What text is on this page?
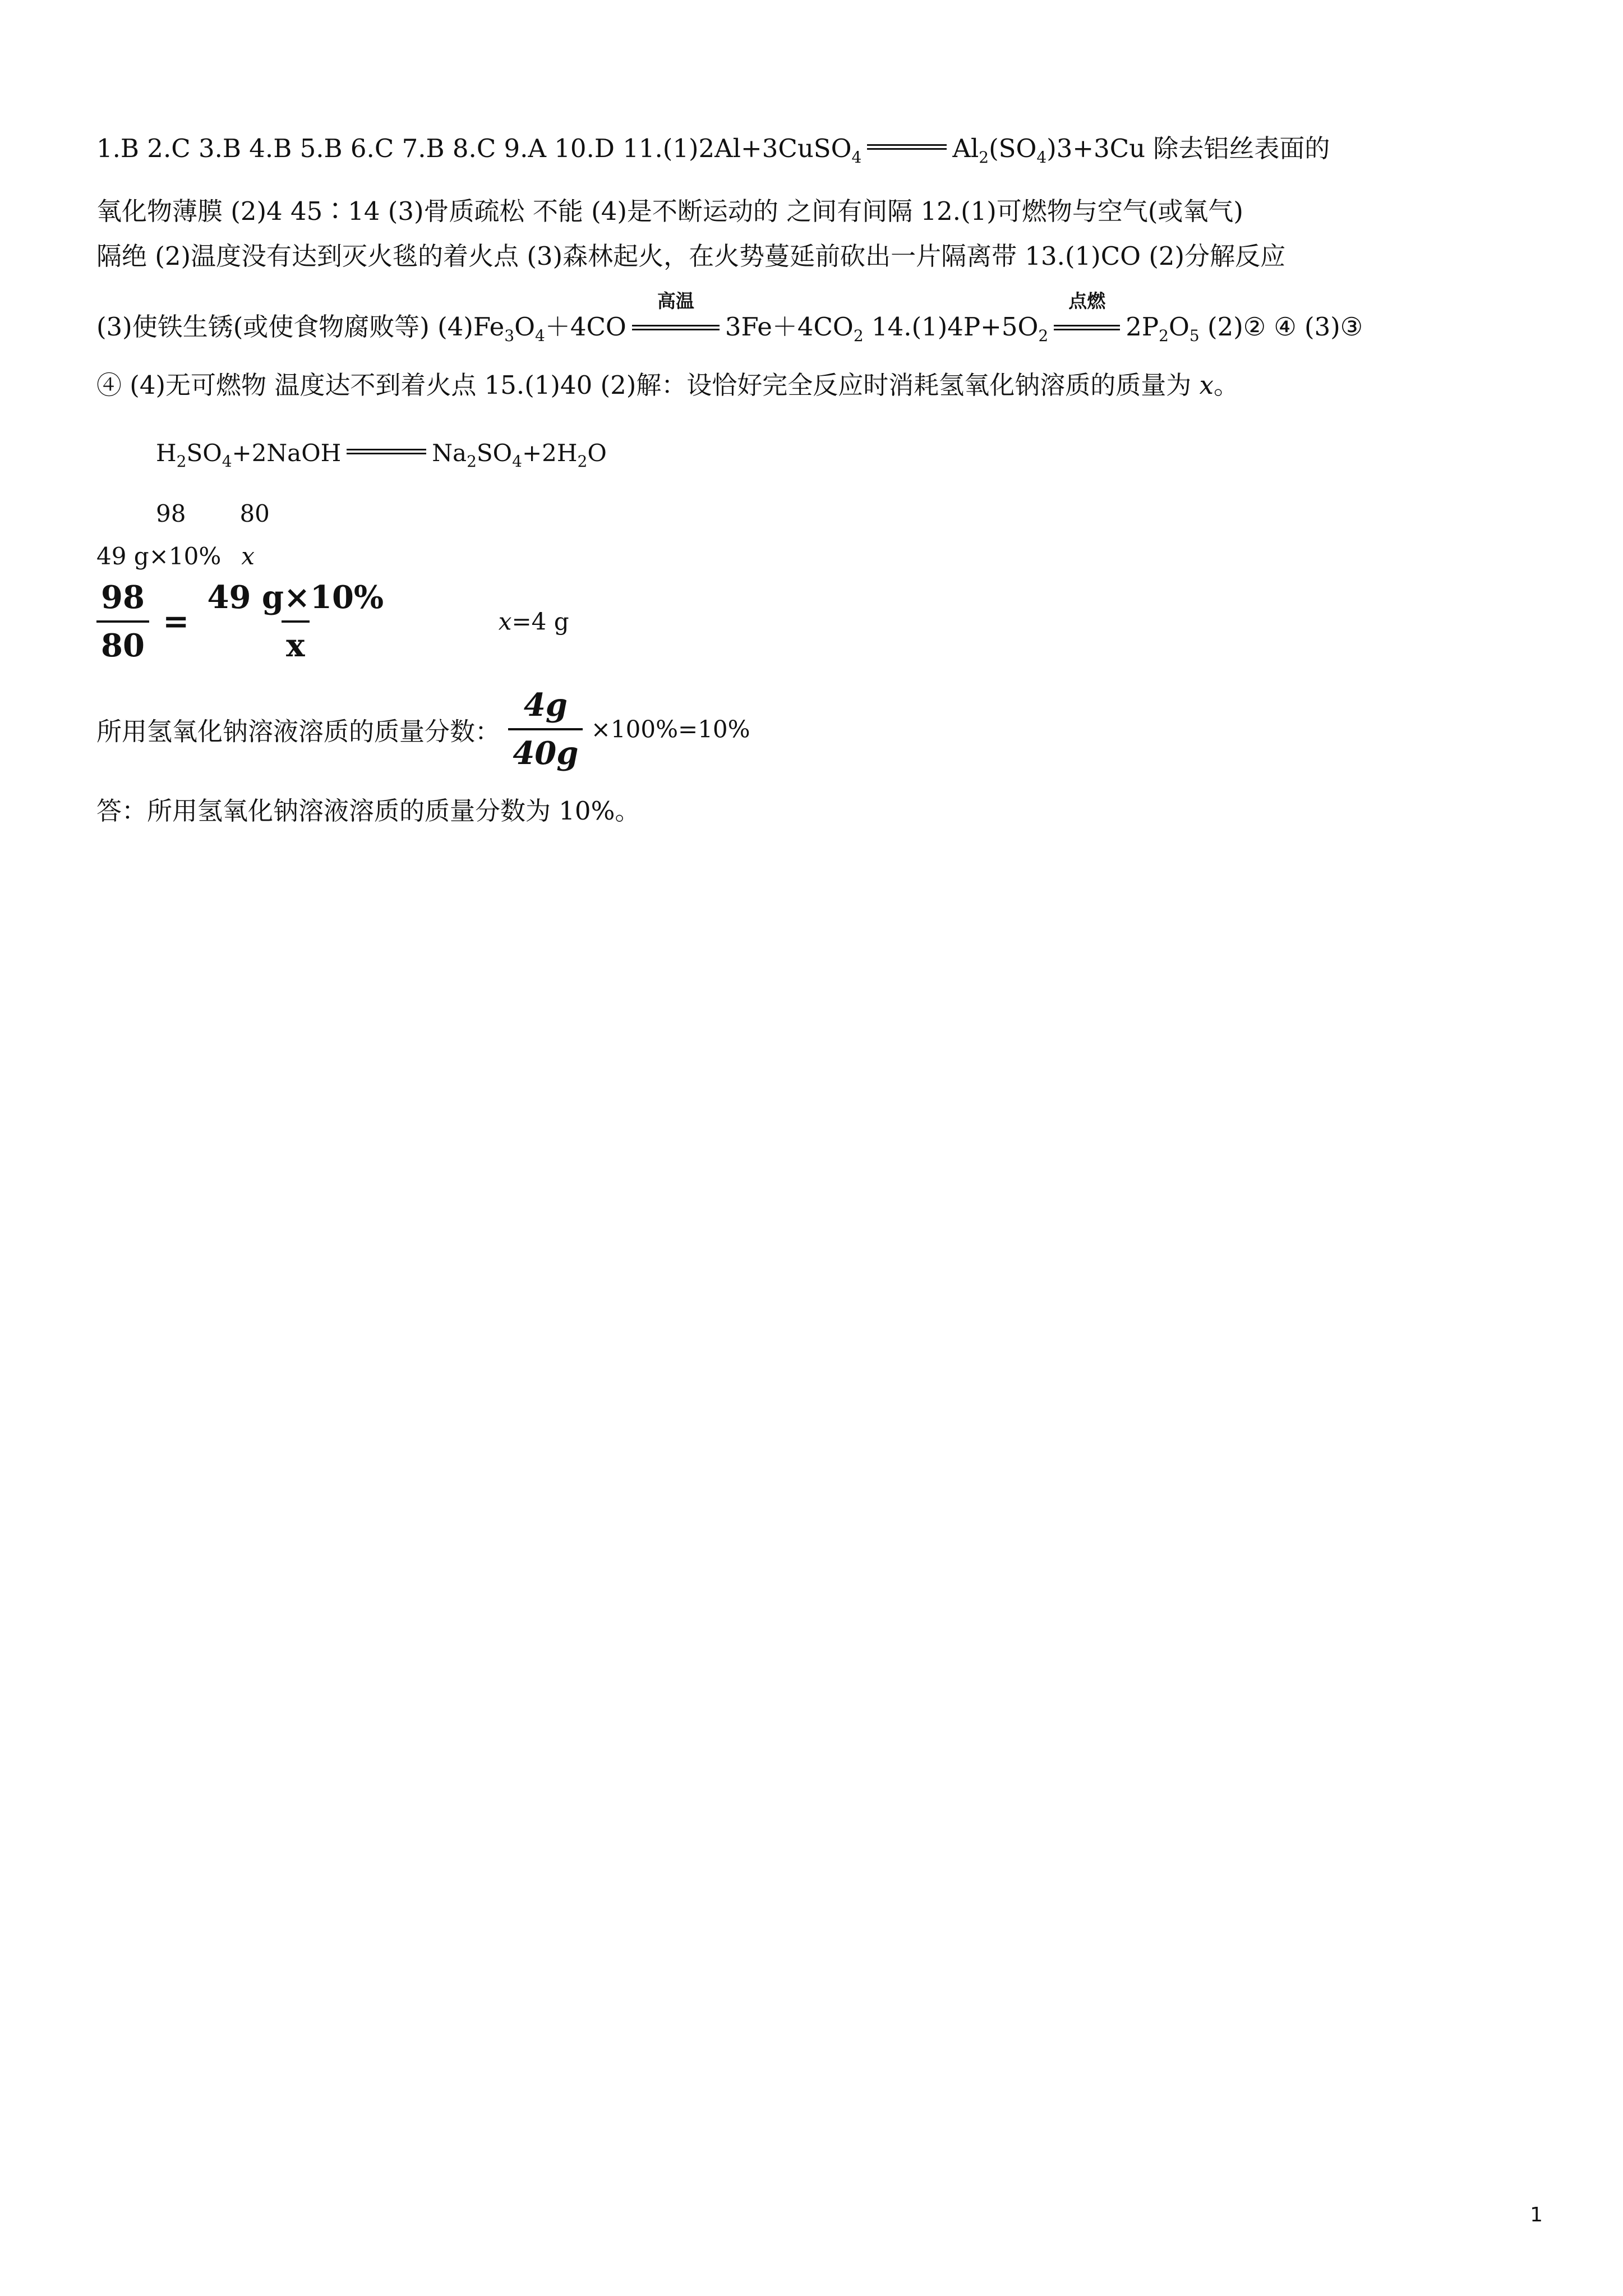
1.B 2.C 3.B 4.B 5.B 6.C 7.B 8.C 9.A 10.D 11.(1)2Al+3CuSO$_4$	$Al_2(SO_4)3+3Cu$ 除去铝丝表面的
氧化物薄膜 (2)4 45∶14 (3)骨质疏松 不能 (4)是不断运动的 之间有间隔 12.(1)可燃物与空气(或氧气)
隔绝 (2)温度没有达到灭火毯的着火点 (3)森林起火，在火势蔓延前砍出一片隔离带 13.(1)CO (2)分解反应
(3)使铁生锈(或使食物腐败等) $(4)Fe_3O_4+4CO$
高温
$3Fe+4CO_2$ $14.(1)4P+5O_2$
点燃
$2P_2O_5$ (2)② ④ (3)③
④ (4)无可燃物 温度达不到着火点 15.(1)40 (2)解：设恰好完全反应时消耗氢氧化钠溶质的质量为 x。
$H_2SO_4+2NaOH$	$Na_2SO_4+2H_2O$
98 80
49 g×10% x
$\frac{98}{80} = \frac{49 g\times 10\%}{x}$	x=4 g
所用氢氧化钠溶液溶质的质量分数： $\frac{4g}{40g} \times 100\%=10\%$
答：所用氢氧化钠溶液溶质的质量分数为 10%。
1
